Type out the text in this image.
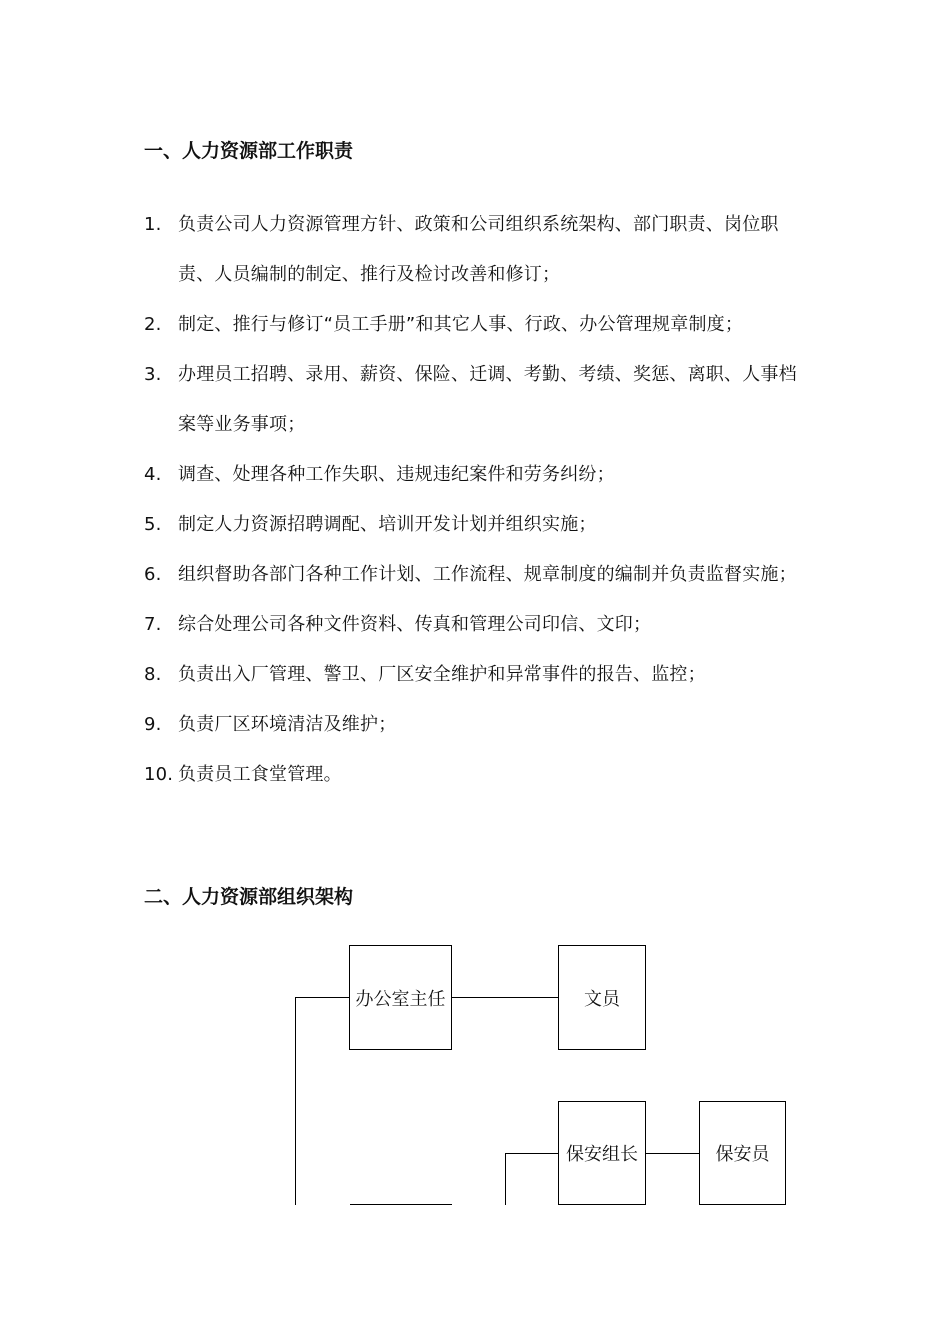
一、人力资源部工作职责
1. 负责公司人力资源管理方针、政策和公司组织系统架构、部门职责、岗位职责、人员编制的制定、推行及检讨改善和修订；
2. 制定、推行与修订“员工手册”和其它人事、行政、办公管理规章制度；
3. 办理员工招聘、录用、薪资、保险、迁调、考勤、考绩、奖惩、离职、人事档案等业务事项；
4. 调查、处理各种工作失职、违规违纪案件和劳务纠纷；
5. 制定人力资源招聘调配、培训开发计划并组织实施；
6. 组织督助各部门各种工作计划、工作流程、规章制度的编制并负责监督实施；
7. 综合处理公司各种文件资料、传真和管理公司印信、文印；
8. 负责出入厂管理、警卫、厂区安全维护和异常事件的报告、监控；
9. 负责厂区环境清洁及维护；
10. 负责员工食堂管理。
二、人力资源部组织架构
办公室主任	文员
保安组长	保安员
